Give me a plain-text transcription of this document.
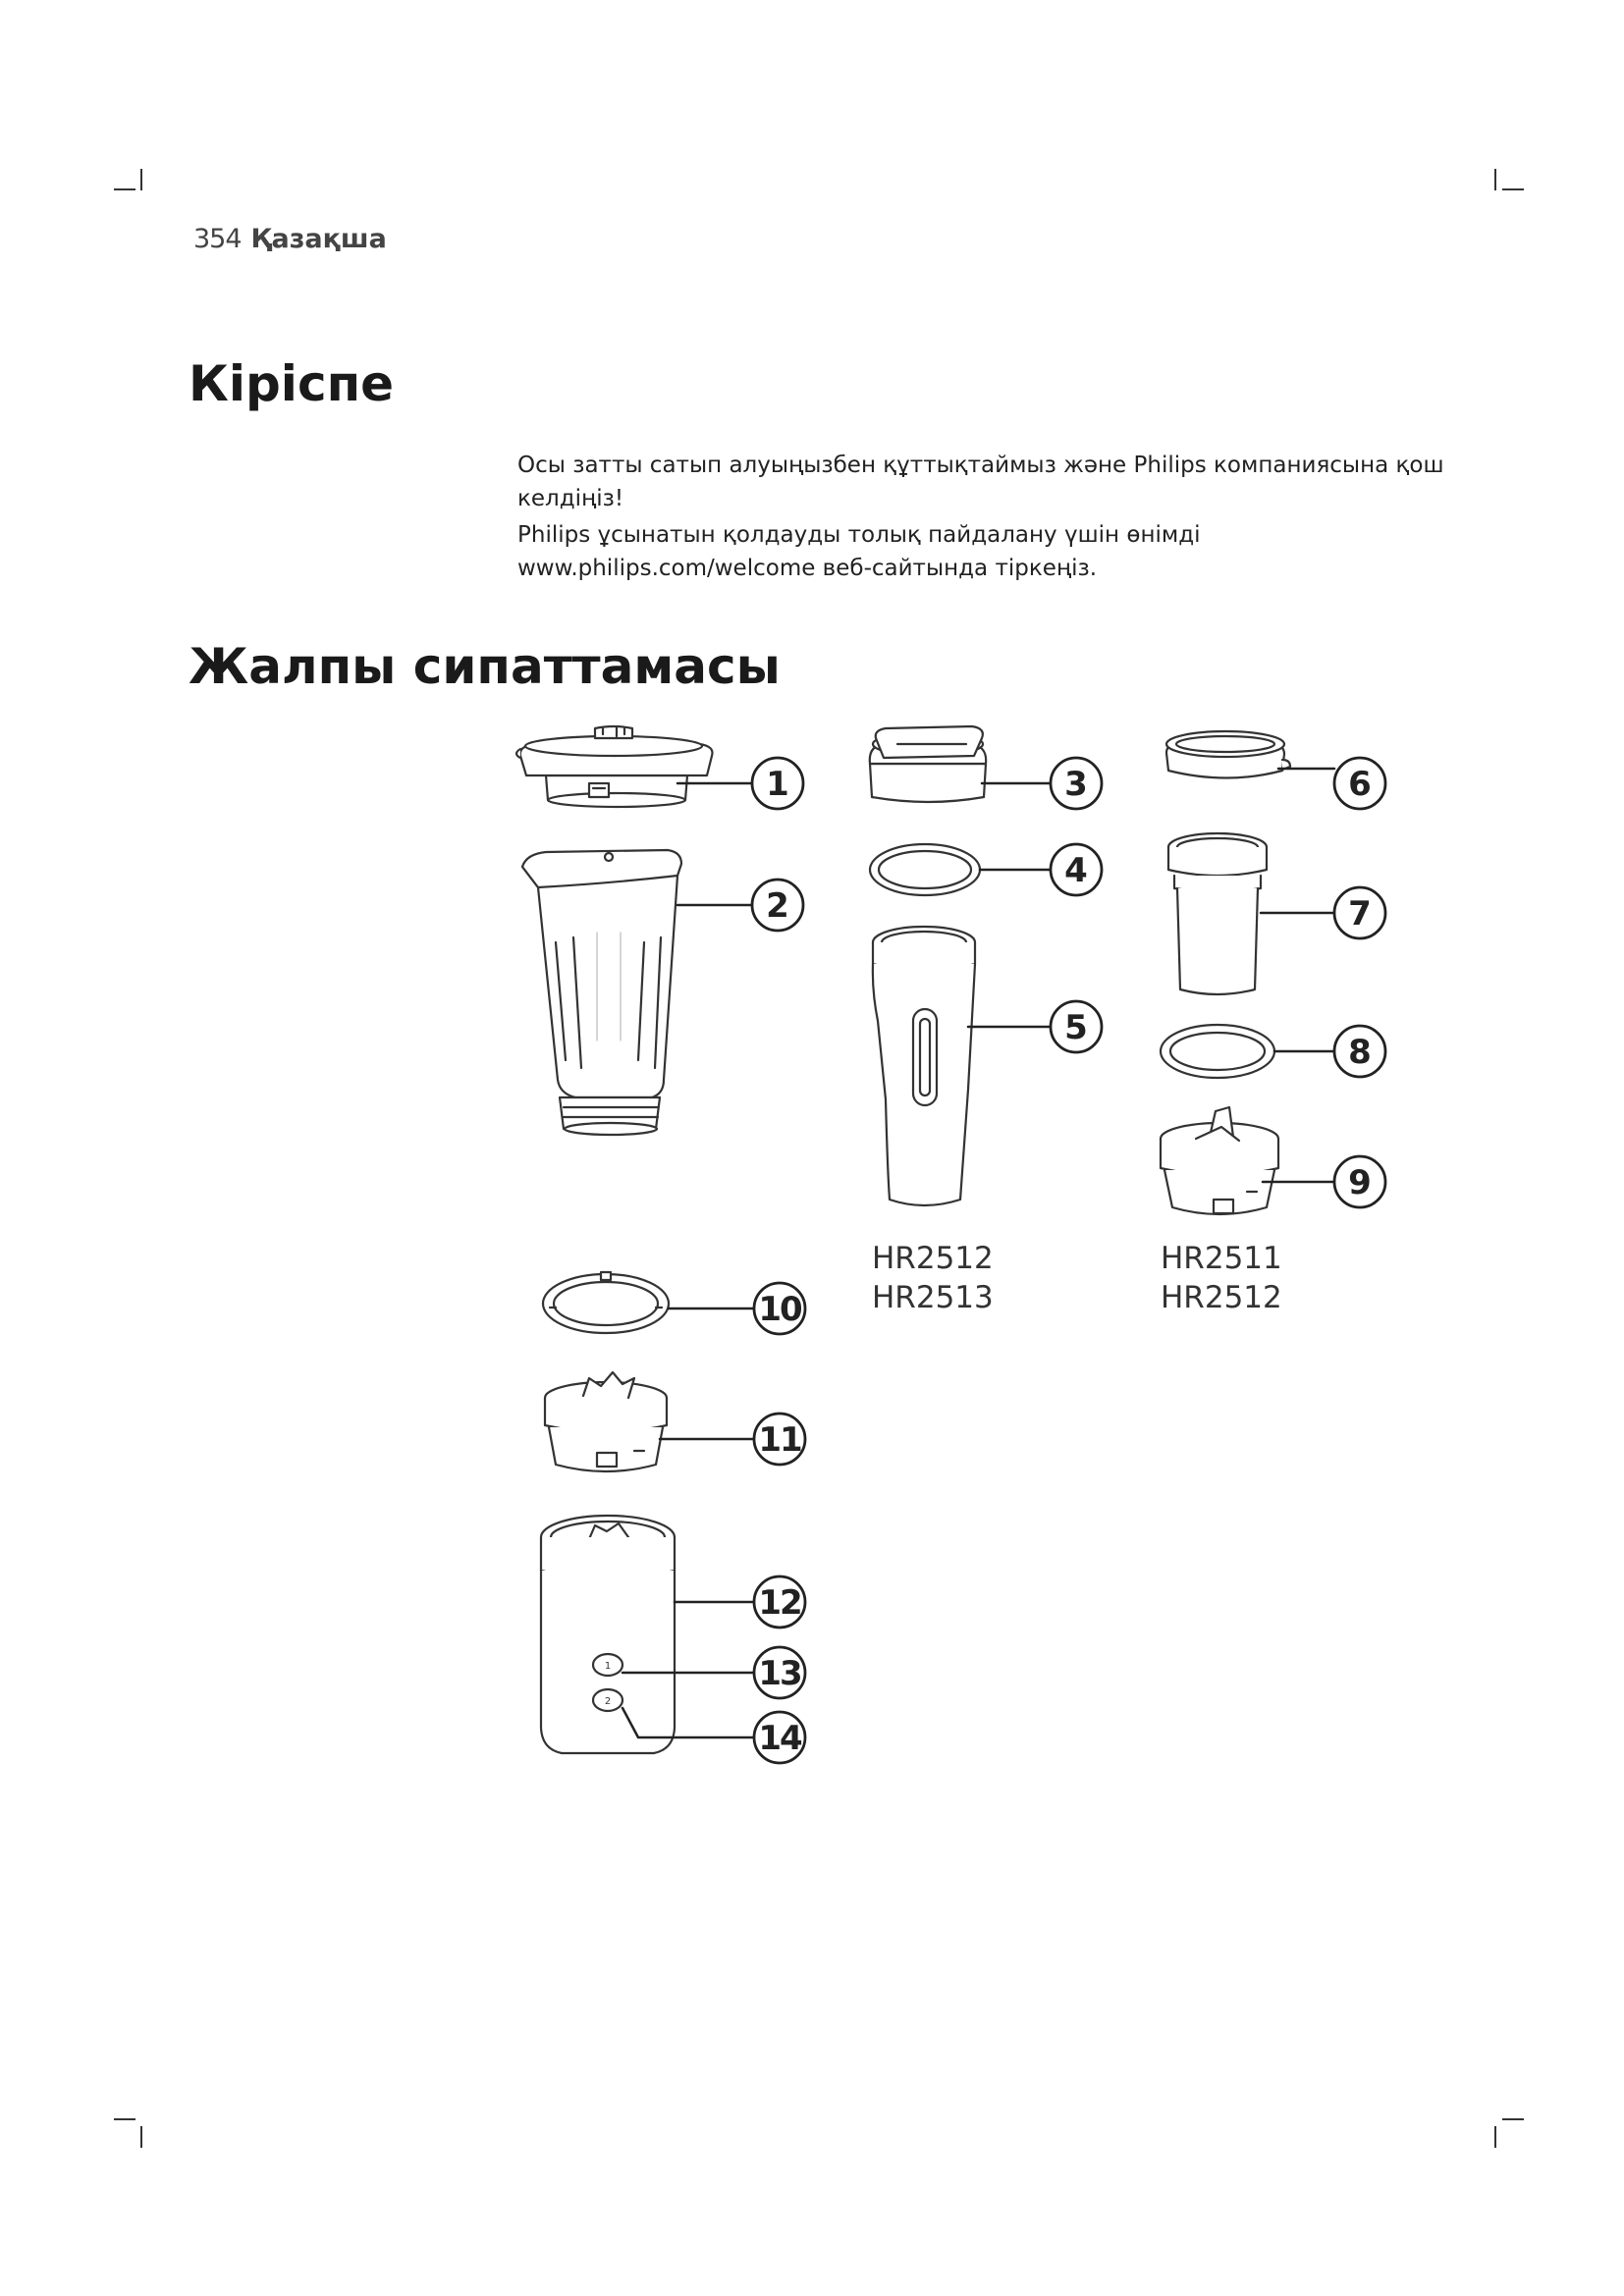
354 Қазақша
Кіріспе

Осы затты сатып алуыңызбен құттықтаймыз және Philips компаниясына қош келдіңіз!

Philips ұсынатын қолдауды толық пайдалану үшін өнімді www.philips.com/welcome веб-сайтында тіркеңіз.

Жалпы сипаттамасы
1
2
1
2
3
4
5
6
7
8
9
10
11
12
13
14
HR2512
HR2513
HR2511
HR2512
